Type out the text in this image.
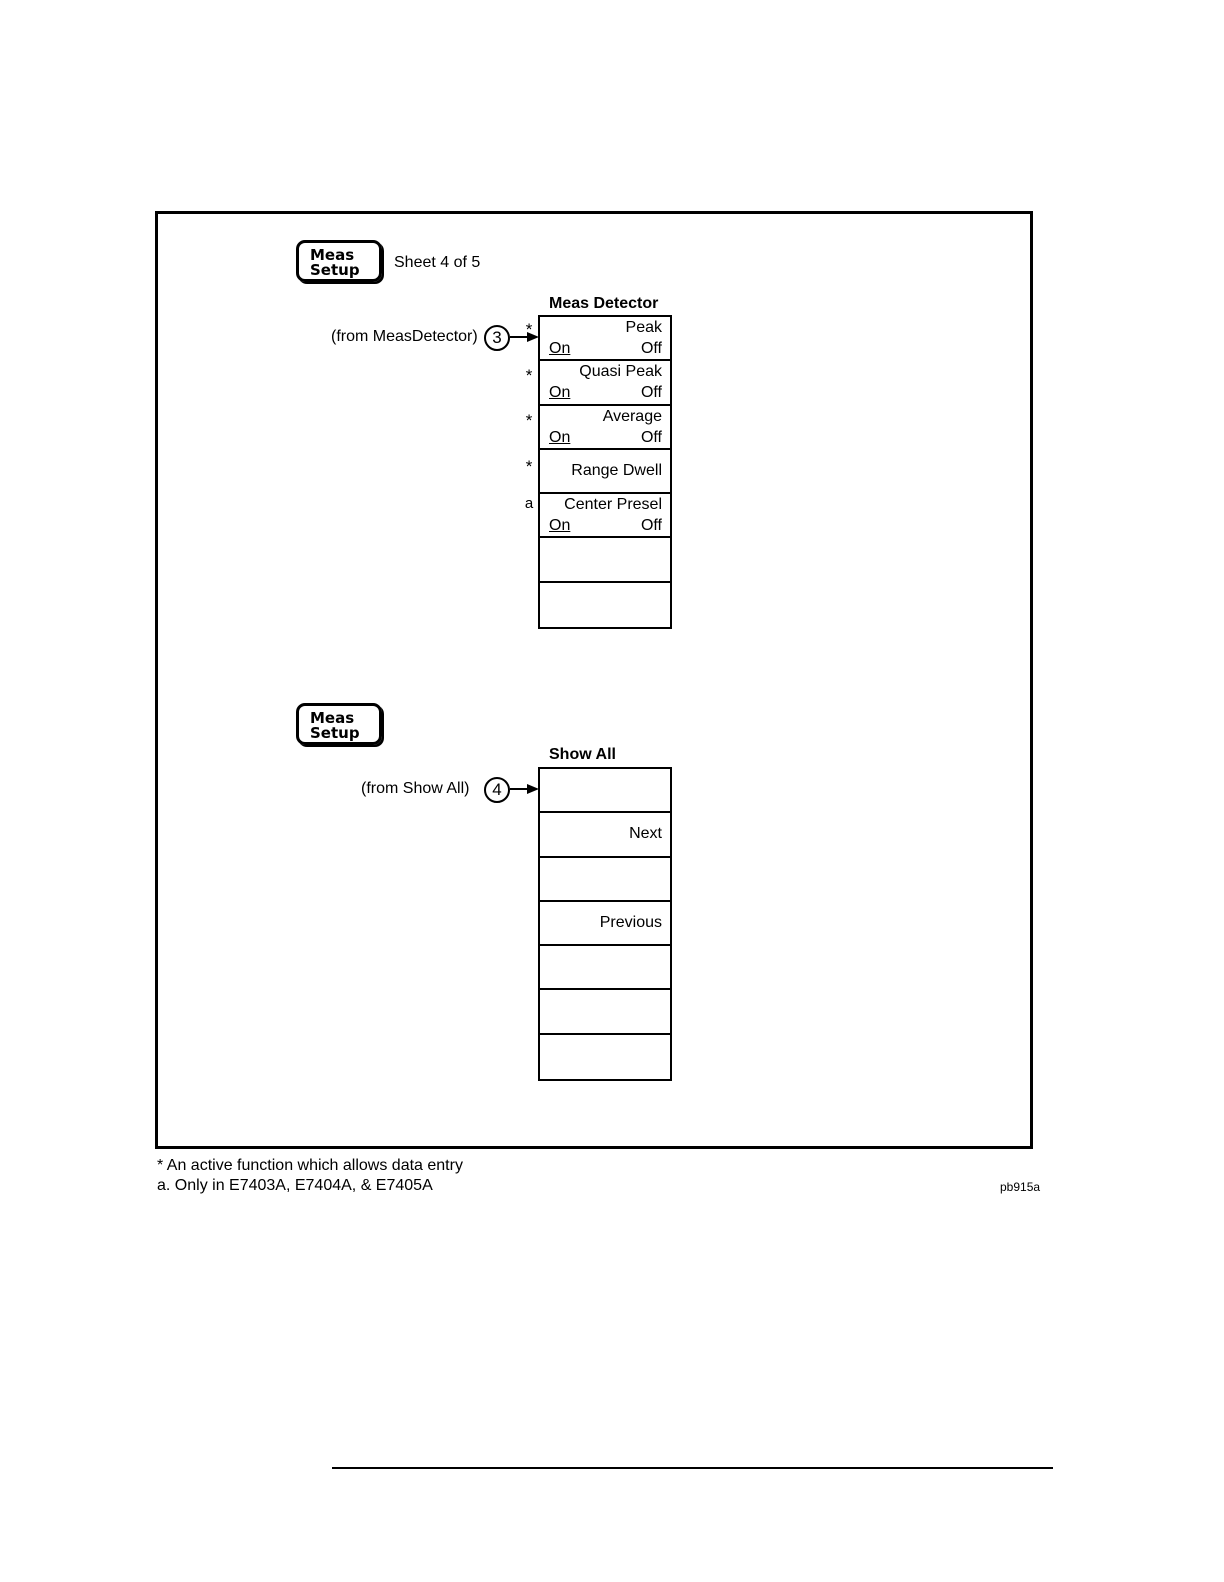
Meas
Setup	Sheet 4 of 5
Meas Detector
(from MeasDetector) 3	*
*
*
*
a
Peak
On	Off
Quasi Peak
On	Off
Average
On	Off
Range Dwell
Center Presel
On	Off
Meas
Setup
Show All
(from Show All)	4
Next
Previous
* An active function which allows data entry
a. Only in E7403A, E7404A, & E7405A	pb915a
